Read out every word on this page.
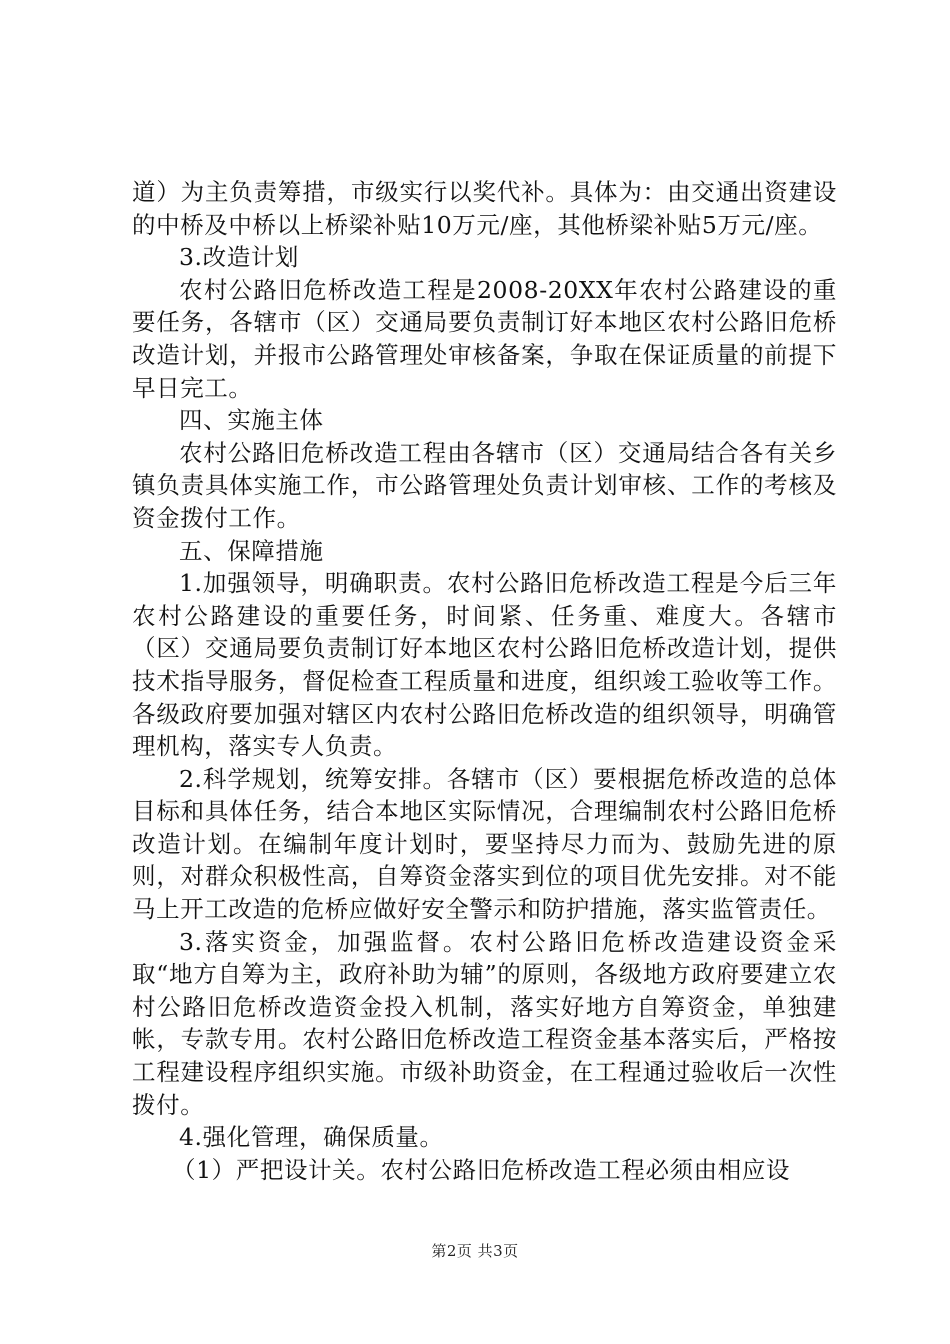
道）为主负责筹措，市级实行以奖代补。具体为：由交通出资建设的中桥及中桥以上桥梁补贴10万元/座，其他桥梁补贴5万元/座。

3.改造计划

农村公路旧危桥改造工程是2008-20XX年农村公路建设的重要任务，各辖市（区）交通局要负责制订好本地区农村公路旧危桥改造计划，并报市公路管理处审核备案，争取在保证质量的前提下早日完工。

四、实施主体

农村公路旧危桥改造工程由各辖市（区）交通局结合各有关乡镇负责具体实施工作，市公路管理处负责计划审核、工作的考核及资金拨付工作。

五、保障措施

1.加强领导，明确职责。农村公路旧危桥改造工程是今后三年农村公路建设的重要任务，时间紧、任务重、难度大。各辖市（区）交通局要负责制订好本地区农村公路旧危桥改造计划，提供技术指导服务，督促检查工程质量和进度，组织竣工验收等工作。各级政府要加强对辖区内农村公路旧危桥改造的组织领导，明确管理机构，落实专人负责。

2.科学规划，统筹安排。各辖市（区）要根据危桥改造的总体目标和具体任务，结合本地区实际情况，合理编制农村公路旧危桥改造计划。在编制年度计划时，要坚持尽力而为、鼓励先进的原则，对群众积极性高，自筹资金落实到位的项目优先安排。对不能马上开工改造的危桥应做好安全警示和防护措施，落实监管责任。

3.落实资金，加强监督。农村公路旧危桥改造建设资金采取“地方自筹为主，政府补助为辅”的原则，各级地方政府要建立农村公路旧危桥改造资金投入机制，落实好地方自筹资金，单独建帐，专款专用。农村公路旧危桥改造工程资金基本落实后，严格按工程建设程序组织实施。市级补助资金，在工程通过验收后一次性拨付。

4.强化管理，确保质量。

（1）严把设计关。农村公路旧危桥改造工程必须由相应设

第2页 共3页
